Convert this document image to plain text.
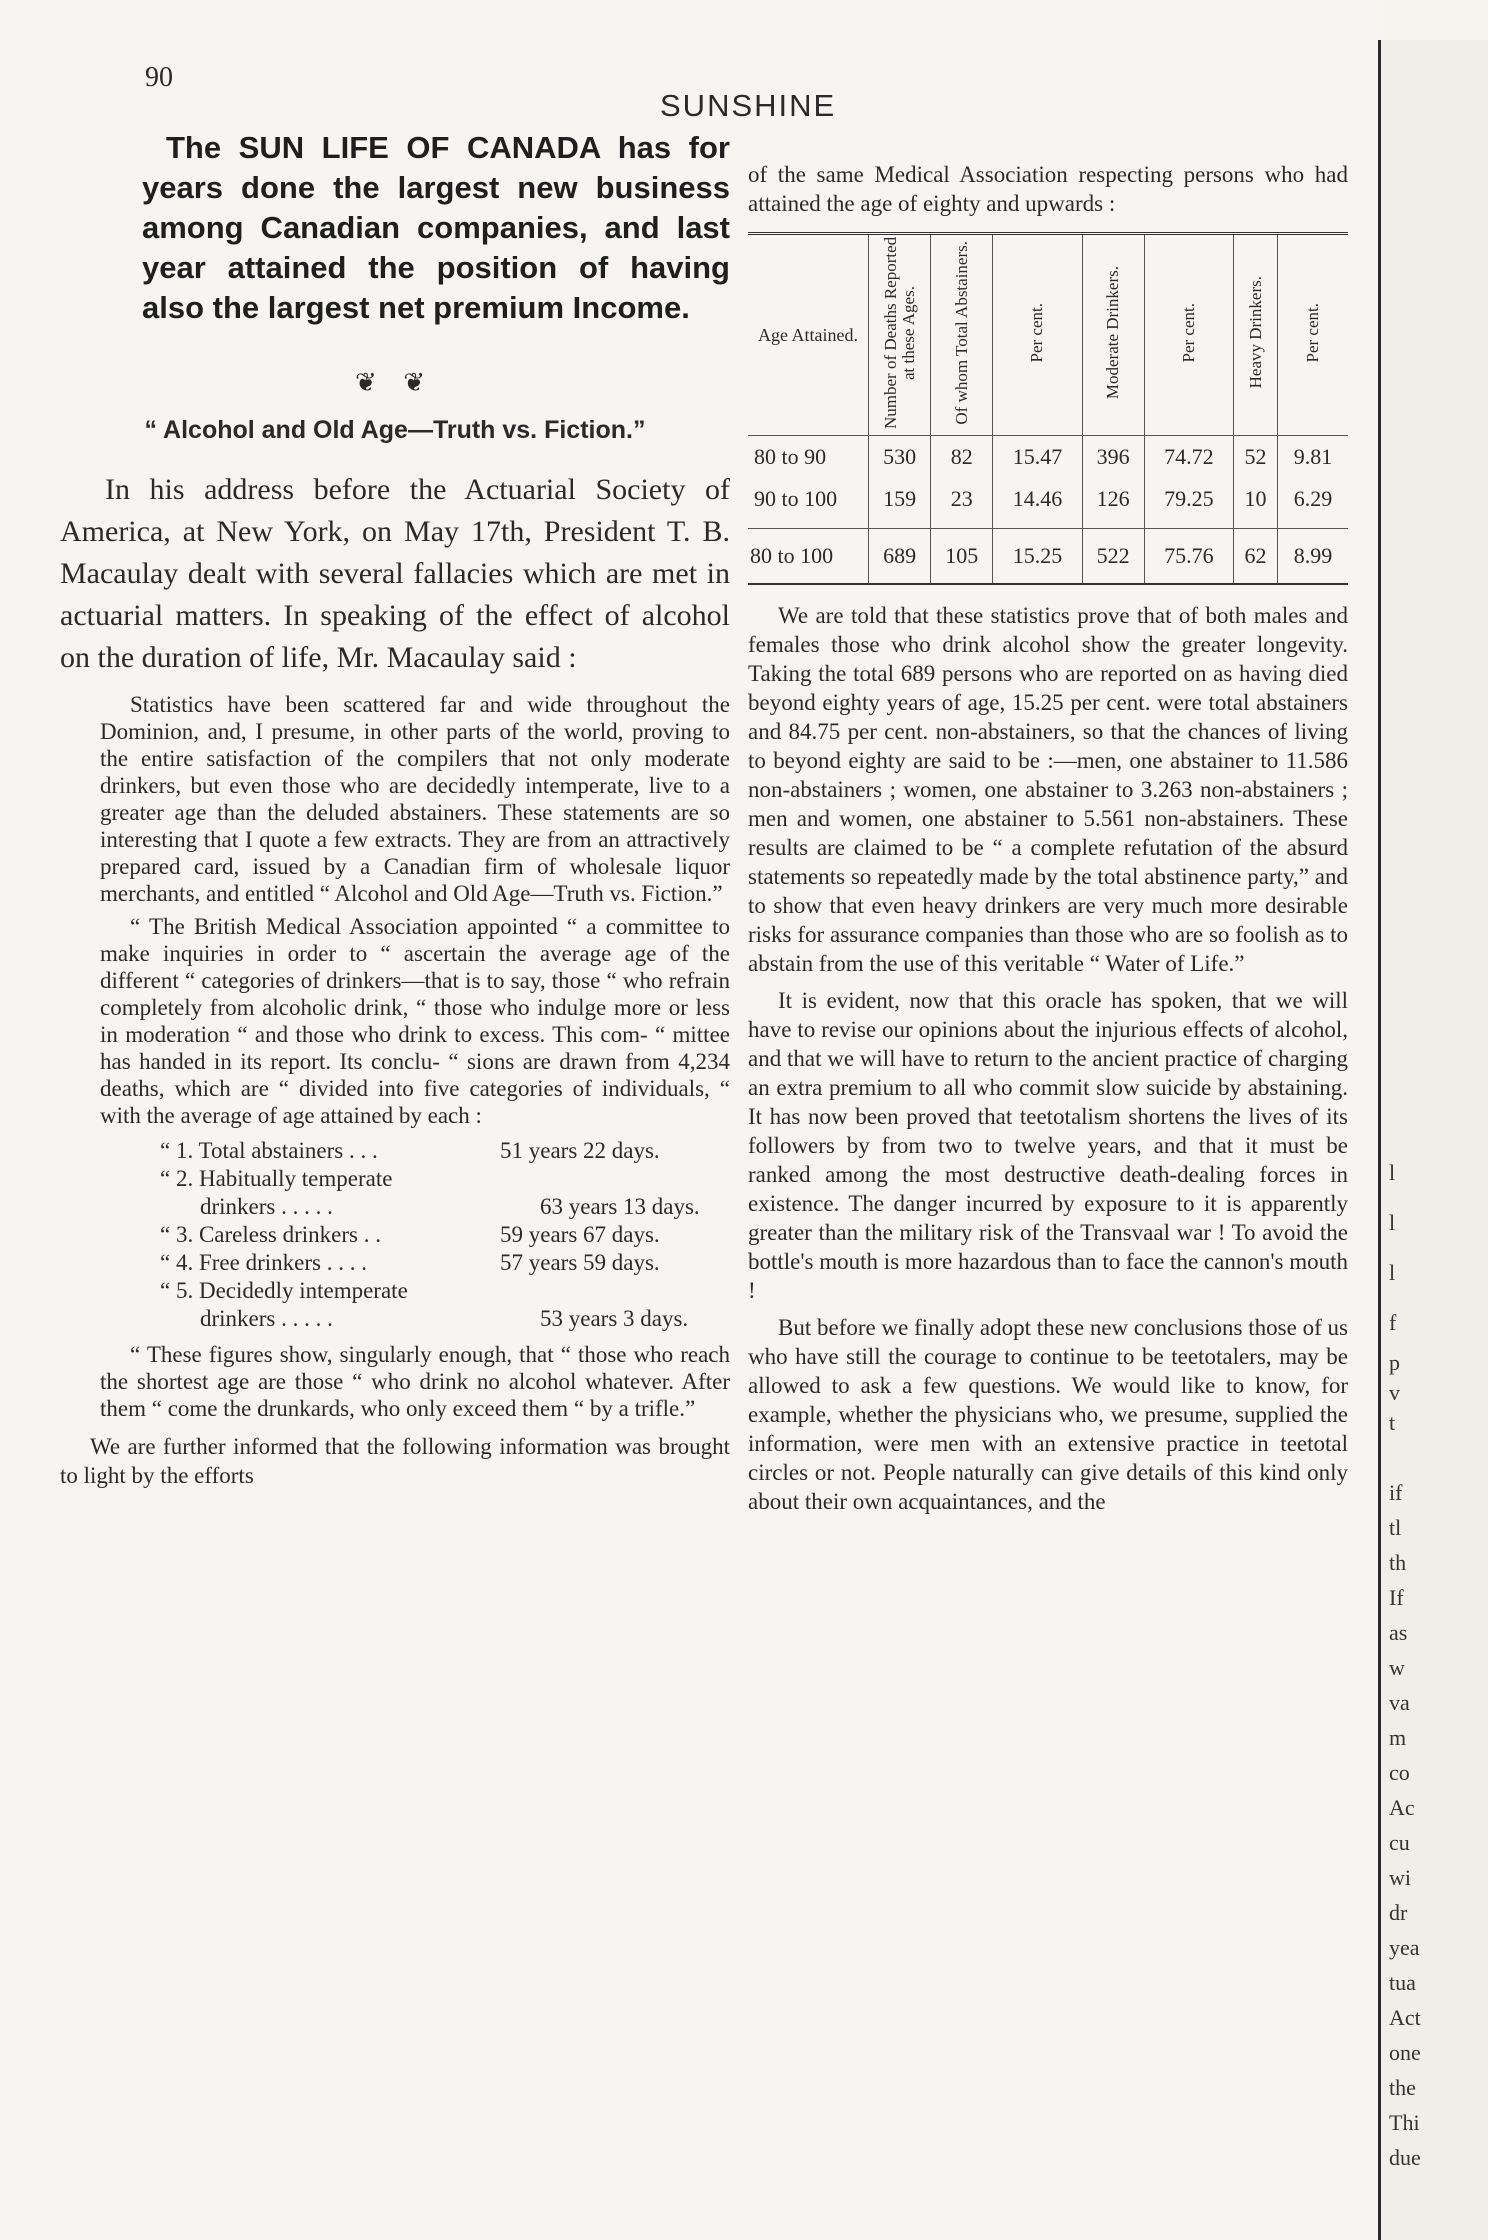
90
SUNSHINE
The SUN LIFE OF CANADA has for years done the largest new business among Canadian companies, and last year attained the position of having also the largest net premium Income.
❦ ❦
“ Alcohol and Old Age—Truth vs. Fiction.”

In his address before the Actuarial Society of America, at New York, on May 17th, President T. B. Macaulay dealt with several fallacies which are met in actuarial matters. In speaking of the effect of alcohol on the duration of life, Mr. Macaulay said :

Statistics have been scattered far and wide throughout the Dominion, and, I presume, in other parts of the world, proving to the entire satisfaction of the compilers that not only moderate drinkers, but even those who are decidedly intemperate, live to a greater age than the deluded abstainers. These statements are so interesting that I quote a few extracts. They are from an attractively prepared card, issued by a Canadian firm of wholesale liquor merchants, and entitled “ Alcohol and Old Age—Truth vs. Fiction.”

“ The British Medical Association appointed “ a committee to make inquiries in order to “ ascertain the average age of the different “ categories of drinkers—that is to say, those “ who refrain completely from alcoholic drink, “ those who indulge more or less in moderation “ and those who drink to excess. This com- “ mittee has handed in its report. Its conclu- “ sions are drawn from 4,234 deaths, which are “ divided into five categories of individuals, “ with the average of age attained by each :

“ 1. Total abstainers . . .	51 years 22 days.
“ 2. Habitually temperate
drinkers . . . . .	63 years 13 days.
“ 3. Careless drinkers . .	59 years 67 days.
“ 4. Free drinkers . . . .	57 years 59 days.
“ 5. Decidedly intemperate
drinkers . . . . .	53 years 3 days.

“ These figures show, singularly enough, that “ those who reach the shortest age are those “ who drink no alcohol whatever. After them “ come the drunkards, who only exceed them “ by a trifle.”

We are further informed that the following information was brought to light by the efforts

of the same Medical Association respecting persons who had attained the age of eighty and upwards :

Age Attained.	Number of Deaths Reported at these Ages.	Of whom Total Abstainers.	Per cent.	Moderate Drinkers.	Per cent.	Heavy Drinkers.	Per cent.
80 to 90	530	82	15.47	396	74.72	52	9.81
90 to 100	159	23	14.46	126	79.25	10	6.29
80 to 100	689	105	15.25	522	75.76	62	8.99

We are told that these statistics prove that of both males and females those who drink alcohol show the greater longevity. Taking the total 689 persons who are reported on as having died beyond eighty years of age, 15.25 per cent. were total abstainers and 84.75 per cent. non-abstainers, so that the chances of living to beyond eighty are said to be :—men, one abstainer to 11.586 non-abstainers ; women, one abstainer to 3.263 non-abstainers ; men and women, one abstainer to 5.561 non-abstainers. These results are claimed to be “ a complete refutation of the absurd statements so repeatedly made by the total abstinence party,” and to show that even heavy drinkers are very much more desirable risks for assurance companies than those who are so foolish as to abstain from the use of this veritable “ Water of Life.”

It is evident, now that this oracle has spoken, that we will have to revise our opinions about the injurious effects of alcohol, and that we will have to return to the ancient practice of charging an extra premium to all who commit slow suicide by abstaining. It has now been proved that teetotalism shortens the lives of its followers by from two to twelve years, and that it must be ranked among the most destructive death-dealing forces in existence. The danger incurred by exposure to it is apparently greater than the military risk of the Transvaal war ! To avoid the bottle's mouth is more hazardous than to face the cannon's mouth !

But before we finally adopt these new conclusions those of us who have still the courage to continue to be teetotalers, may be allowed to ask a few questions. We would like to know, for example, whether the physicians who, we presume, supplied the information, were men with an extensive practice in teetotal circles or not. People naturally can give details of this kind only about their own acquaintances, and the

l
l
l
f
p
v
t
if
tl
th
If
as
w
va
m
co
Ac
cu
wi
dr
yea
tua
Act
one
the
Thi
due
